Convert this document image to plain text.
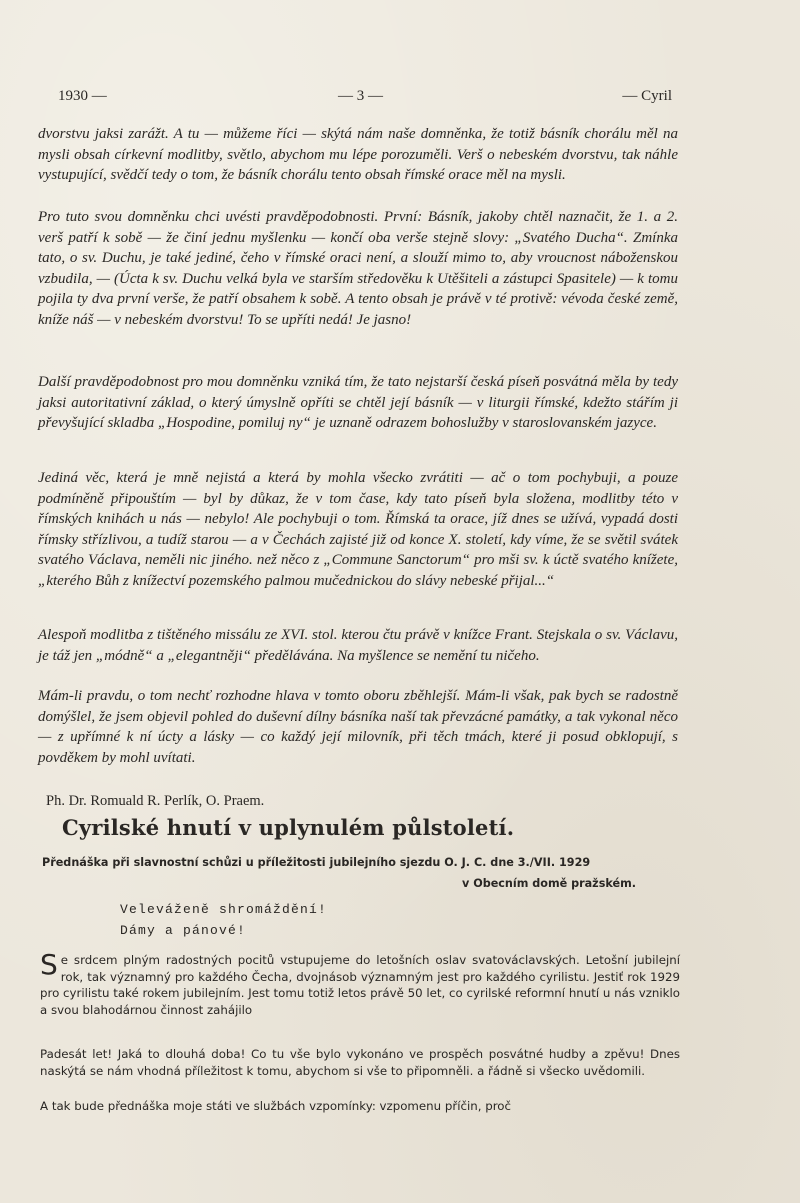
1930 —	— 3 —	— Cyril
dvorstvu jaksi zarážt. A tu — můžeme říci — skýtá nám naše domněnka, že totiž básník chorálu měl na mysli obsah církevní modlitby, světlo, abychom mu lépe porozuměli. Verš o nebeském dvorstvu, tak náhle vystupující, svědčí tedy o tom, že básník chorálu tento obsah římské orace měl na mysli.
Pro tuto svou domněnku chci uvésti pravděpodobnosti. První: Básník, jakoby chtěl naznačit, že 1. a 2. verš patří k sobě — že činí jednu myšlenku — končí oba verše stejně slovy: „Svatého Ducha“. Zmínka tato, o sv. Duchu, je také jediné, čeho v římské oraci není, a slouží mimo to, aby vroucnost náboženskou vzbudila, — (Úcta k sv. Duchu velká byla ve starším středověku k Utěšiteli a zástupci Spasitele) — k tomu pojila ty dva první verše, že patří obsahem k sobě. A tento obsah je právě v té protivě: vévoda české země, kníže náš — v nebeském dvorstvu! To se upříti nedá! Je jasno!
Další pravděpodobnost pro mou domněnku vzniká tím, že tato nejstarší česká píseň posvátná měla by tedy jaksi autoritativní základ, o který úmyslně opříti se chtěl její básník — v liturgii římské, kdežto stářím ji převyšující skladba „Hospodine, pomiluj ny“ je uznaně odrazem bohoslužby v staroslovanském jazyce.
Jediná věc, která je mně nejistá a která by mohla všecko zvrátiti — ač o tom pochybuji, a pouze podmíněně připouštím — byl by důkaz, že v tom čase, kdy tato píseň byla složena, modlitby této v římských knihách u nás — nebylo! Ale pochybuji o tom. Římská ta orace, jíž dnes se užívá, vypadá dosti římsky střízlivou, a tudíž starou — a v Čechách zajisté již od konce X. století, kdy víme, že se světil svátek svatého Václava, neměli nic jiného. než něco z „Commune Sanctorum“ pro mši sv. k úctě svatého knížete, „kterého Bůh z knížectví pozemského palmou mučednickou do slávy nebeské přijal...“
Alespoň modlitba z tištěného missálu ze XVI. stol. kterou čtu právě v knížce Frant. Stejskala o sv. Václavu, je táž jen „módně“ a „elegantněji“ předělávána. Na myšlence se nemění tu ničeho.
Mám-li pravdu, o tom nechť rozhodne hlava v tomto oboru zběhlejší. Mám-li však, pak bych se radostně domýšlel, že jsem objevil pohled do duševní dílny básníka naší tak převzácné památky, a tak vykonal něco — z upřímné k ní úcty a lásky — co každý její milovník, při těch tmách, které ji posud obklopují, s povděkem by mohl uvítati.
Ph. Dr. Romuald R. Perlík, O. Praem.
Cyrilské hnutí v uplynulém půlstoletí.
Přednáška při slavnostní schůzi u příležitosti jubilejního sjezdu O. J. C. dne 3./VII. 1929
v Obecním domě pražském.
Veleváženě shromáždění!
Dámy a pánové!
Se srdcem plným radostných pocitů vstupujeme do letošních oslav svatováclavských. Letošní jubilejní rok, tak významný pro každého Čecha, dvojnásob významným jest pro každého cyrilistu. Jestiť rok 1929 pro cyrilistu také rokem jubilejním. Jest tomu totiž letos právě 50 let, co cyrilské reformní hnutí u nás vzniklo a svou blahodárnou činnost zahájilo
Padesát let! Jaká to dlouhá doba! Co tu vše bylo vykonáno ve prospěch posvátné hudby a zpěvu! Dnes naskýtá se nám vhodná příležitost k tomu, abychom si vše to připomněli. a řádně si všecko uvědomili.
A tak bude přednáška moje státi ve službách vzpomínky: vzpomenu příčin, proč
